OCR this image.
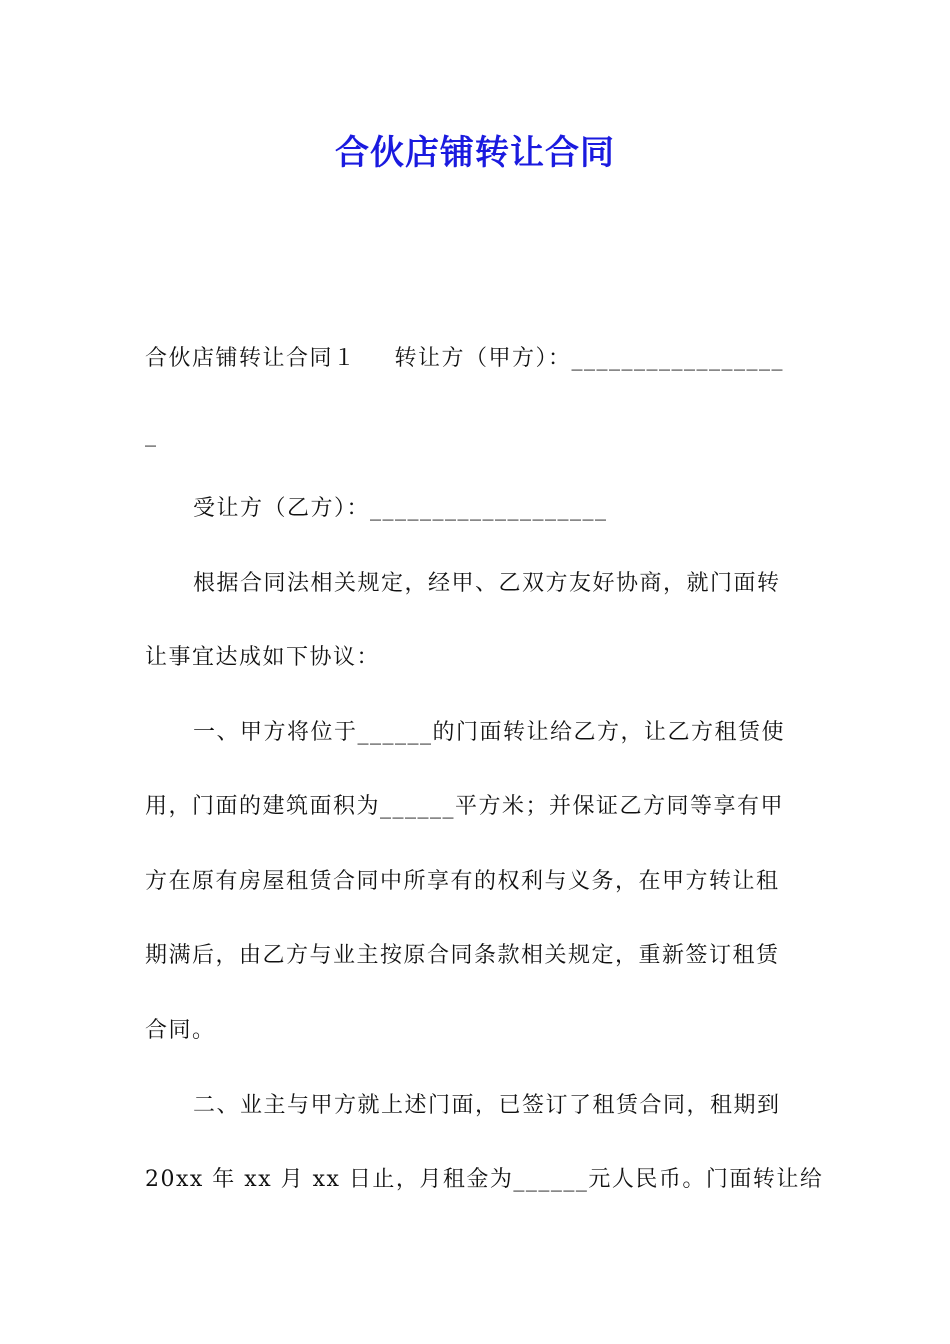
合伙店铺转让合同
合伙店铺转让合同１ 转让方（甲方）：_________________
_
受让方（乙方）：___________________
根据合同法相关规定，经甲、乙双方友好协商，就门面转
让事宜达成如下协议：
一、甲方将位于______的门面转让给乙方，让乙方租赁使
用，门面的建筑面积为______平方米；并保证乙方同等享有甲
方在原有房屋租赁合同中所享有的权利与义务，在甲方转让租
期满后，由乙方与业主按原合同条款相关规定，重新签订租赁
合同。
二、业主与甲方就上述门面，已签订了租赁合同，租期到
20xx 年 xx 月 xx 日止，月租金为______元人民币。门面转让给
